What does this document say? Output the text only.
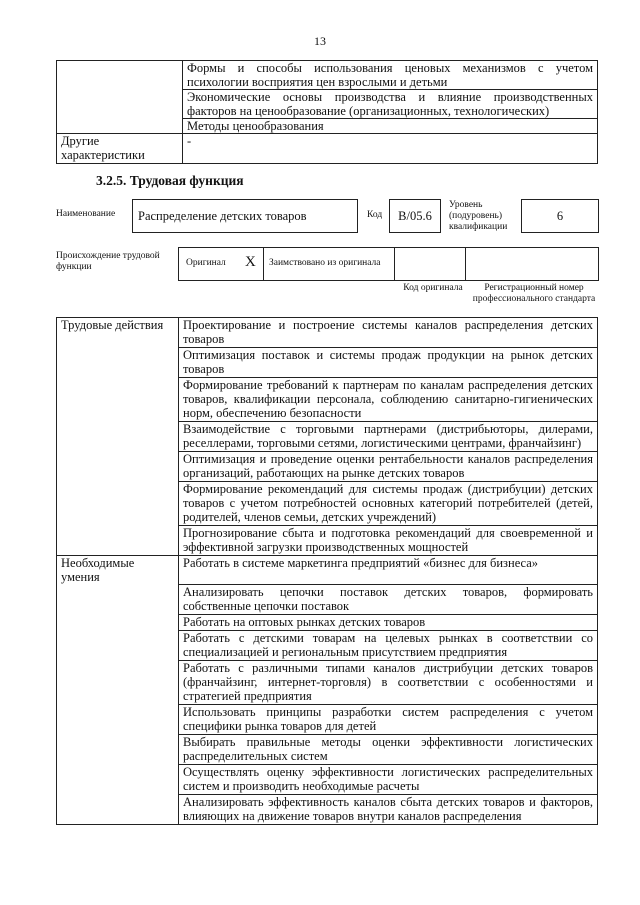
13
	Формы и способы использования ценовых механизмов с учетом психологии восприятия цен взрослыми и детьми
	Экономические основы производства и влияние производственных факторов на ценообразование (организационных, технологических)
	Методы ценообразования
Другие характеристики	-
3.2.5. Трудовая функция
Наименование Распределение детских товаров	Код	B/05.6
Уровень (подуровень) квалификации
6
Происхождение трудовой функции	Оригинал X Заимствовано из оригинала
Код оригинала	Регистрационный номер профессионального стандарта
Трудовые действия	Проектирование и построение системы каналов распределения детских товаров
	Оптимизация поставок и системы продаж продукции на рынок детских товаров
	Формирование требований к партнерам по каналам распределения детских товаров, квалификации персонала, соблюдению санитарно-гигиенических норм, обеспечению безопасности
	Взаимодействие с торговыми партнерами (дистрибьюторы, дилерами, реселлерами, торговыми сетями, логистическими центрами, франчайзинг)
	Оптимизация и проведение оценки рентабельности каналов распределения организаций, работающих на рынке детских товаров
	Формирование рекомендаций для системы продаж (дистрибуции) детских товаров с учетом потребностей основных категорий потребителей (детей, родителей, членов семьи, детских учреждений)
	Прогнозирование сбыта и подготовка рекомендаций для своевременной и эффективной загрузки производственных мощностей
Необходимые умения	Работать в системе маркетинга предприятий «бизнес для бизнеса»
	Анализировать цепочки поставок детских товаров, формировать собственные цепочки поставок
	Работать на оптовых рынках детских товаров
	Работать с детскими товарам на целевых рынках в соответствии со специализацией и региональным присутствием предприятия
	Работать с различными типами каналов дистрибуции детских товаров (франчайзинг, интернет-торговля) в соответствии с особенностями и стратегией предприятия
	Использовать принципы разработки систем распределения с учетом специфики рынка товаров для детей
	Выбирать правильные методы оценки эффективности логистических распределительных систем
	Осуществлять оценку эффективности логистических распределительных систем и производить необходимые расчеты
	Анализировать эффективность каналов сбыта детских товаров и факторов, влияющих на движение товаров внутри каналов распределения
